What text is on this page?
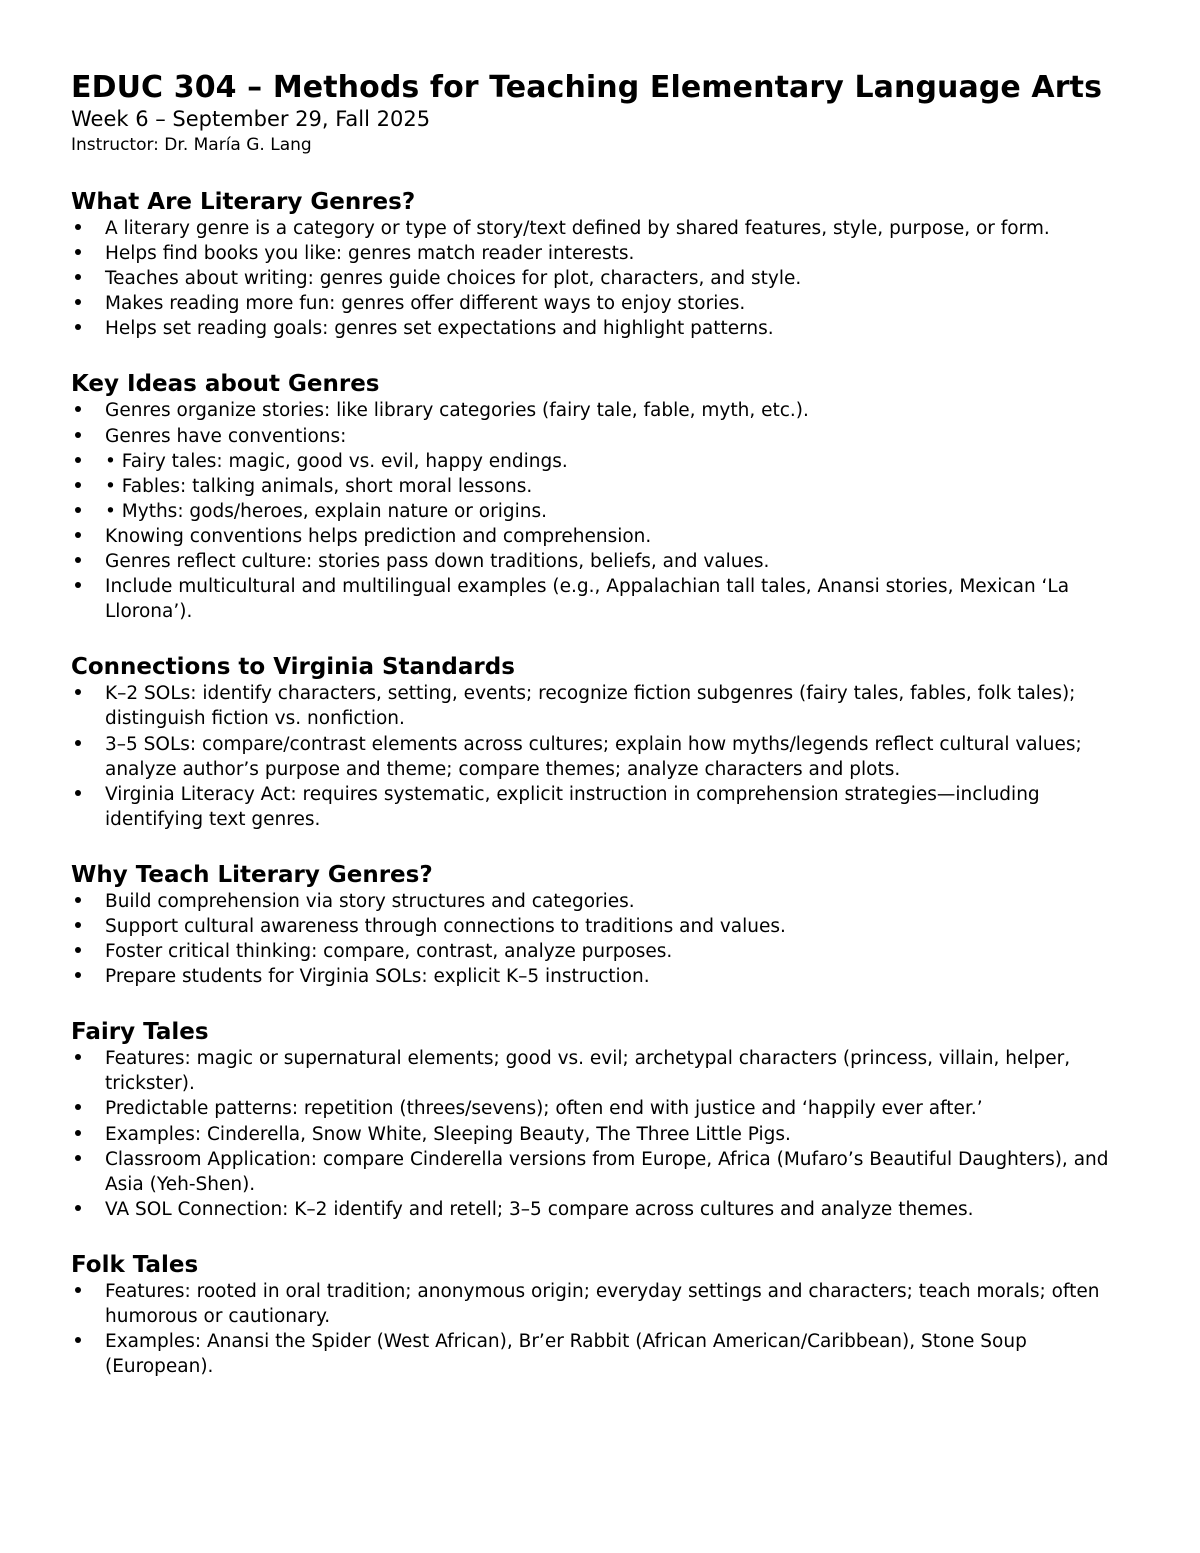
EDUC 304 – Methods for Teaching Elementary Language Arts

Week 6 – September 29, Fall 2025

Instructor: Dr. María G. Lang

What Are Literary Genres?
A literary genre is a category or type of story/text defined by shared features, style, purpose, or form.
Helps find books you like: genres match reader interests.
Teaches about writing: genres guide choices for plot, characters, and style.
Makes reading more fun: genres offer different ways to enjoy stories.
Helps set reading goals: genres set expectations and highlight patterns.
Key Ideas about Genres
Genres organize stories: like library categories (fairy tale, fable, myth, etc.).
Genres have conventions:
• Fairy tales: magic, good vs. evil, happy endings.
• Fables: talking animals, short moral lessons.
• Myths: gods/heroes, explain nature or origins.
Knowing conventions helps prediction and comprehension.
Genres reflect culture: stories pass down traditions, beliefs, and values.
Include multicultural and multilingual examples (e.g., Appalachian tall tales, Anansi stories, Mexican ‘La Llorona’).
Connections to Virginia Standards
K–2 SOLs: identify characters, setting, events; recognize fiction subgenres (fairy tales, fables, folk tales); distinguish fiction vs. nonfiction.
3–5 SOLs: compare/contrast elements across cultures; explain how myths/legends reflect cultural values; analyze author’s purpose and theme; compare themes; analyze characters and plots.
Virginia Literacy Act: requires systematic, explicit instruction in comprehension strategies—including identifying text genres.
Why Teach Literary Genres?
Build comprehension via story structures and categories.
Support cultural awareness through connections to traditions and values.
Foster critical thinking: compare, contrast, analyze purposes.
Prepare students for Virginia SOLs: explicit K–5 instruction.
Fairy Tales
Features: magic or supernatural elements; good vs. evil; archetypal characters (princess, villain, helper, trickster).
Predictable patterns: repetition (threes/sevens); often end with justice and ‘happily ever after.’
Examples: Cinderella, Snow White, Sleeping Beauty, The Three Little Pigs.
Classroom Application: compare Cinderella versions from Europe, Africa (Mufaro’s Beautiful Daughters), and Asia (Yeh-Shen).
VA SOL Connection: K–2 identify and retell; 3–5 compare across cultures and analyze themes.
Folk Tales
Features: rooted in oral tradition; anonymous origin; everyday settings and characters; teach morals; often humorous or cautionary.
Examples: Anansi the Spider (West African), Br’er Rabbit (African American/Caribbean), Stone Soup (European).
